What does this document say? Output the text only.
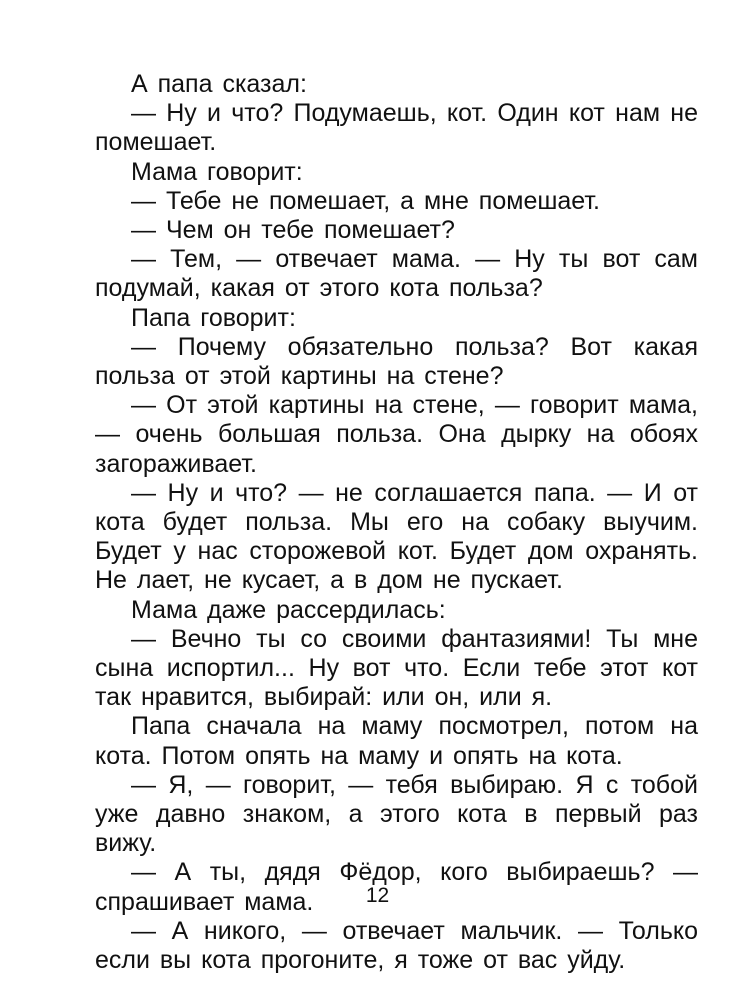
А папа сказал:

— Ну и что? Подумаешь, кот. Один кот нам не помешает.

Мама говорит:

— Тебе не помешает, а мне помешает.

— Чем он тебе помешает?

— Тем, — отвечает мама. — Ну ты вот сам подумай, какая от этого кота польза?

Папа говорит:

— Почему обязательно польза? Вот какая польза от этой картины на стене?

— От этой картины на стене, — говорит мама, — очень большая польза. Она дырку на обоях загораживает.

— Ну и что? — не соглашается папа. — И от кота будет польза. Мы его на собаку выучим. Будет у нас сторожевой кот. Будет дом охранять. Не лает, не кусает, а в дом не пускает.

Мама даже рассердилась:

— Вечно ты со своими фантазиями! Ты мне сына испортил... Ну вот что. Если тебе этот кот так нравится, выбирай: или он, или я.

Папа сначала на маму посмотрел, потом на кота. Потом опять на маму и опять на кота.

— Я, — говорит, — тебя выбираю. Я с тобой уже давно знаком, а этого кота в первый раз вижу.

— А ты, дядя Фёдор, кого выбираешь? — спрашивает мама.

— А никого, — отвечает мальчик. — Только если вы кота прогоните, я тоже от вас уйду.

12
